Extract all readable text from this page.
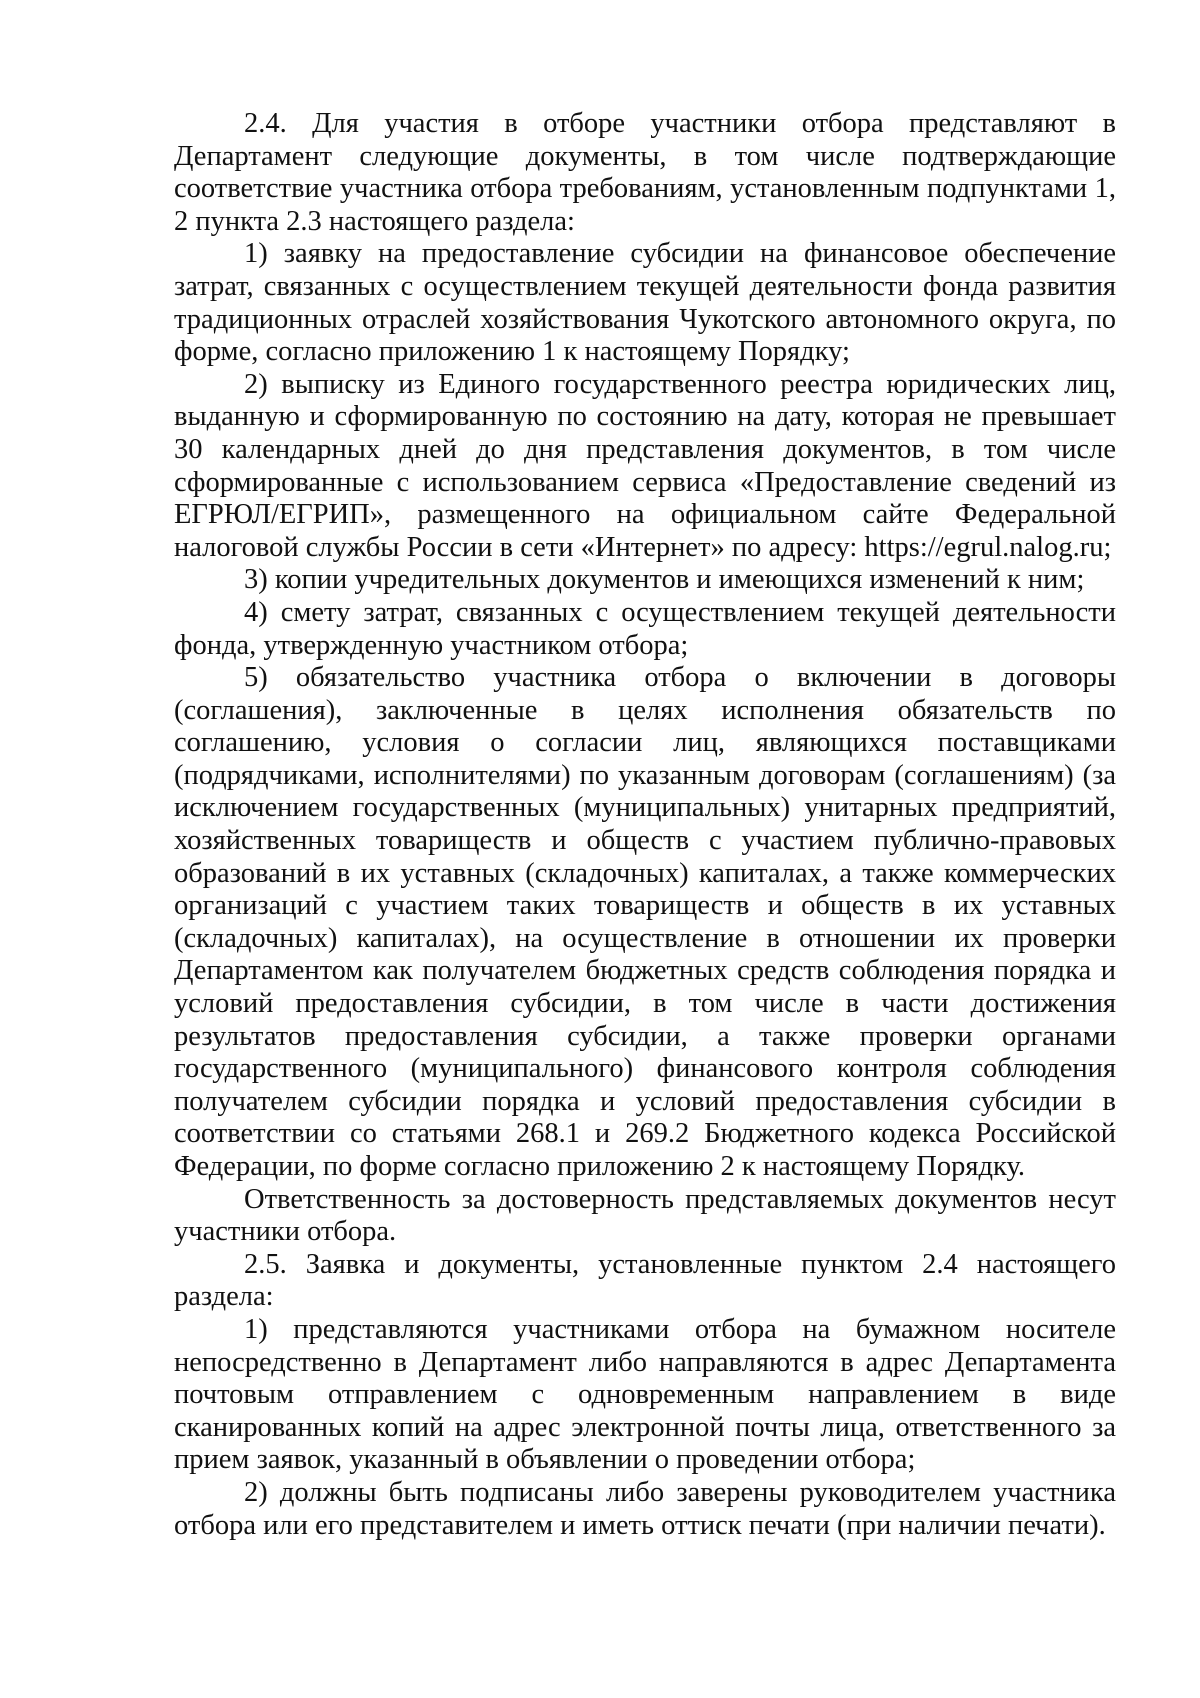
2.4. Для участия в отборе участники отбора представляют в Департамент следующие документы, в том числе подтверждающие соответствие участника отбора требованиям, установленным подпунктами 1, 2 пункта 2.3 настоящего раздела:

1) заявку на предоставление субсидии на финансовое обеспечение затрат, связанных с осуществлением текущей деятельности фонда развития традиционных отраслей хозяйствования Чукотского автономного округа, по форме, согласно приложению 1 к настоящему Порядку;

2) выписку из Единого государственного реестра юридических лиц, выданную и сформированную по состоянию на дату, которая не превышает 30 календарных дней до дня представления документов, в том числе сформированные с использованием сервиса «Предоставление сведений из ЕГРЮЛ/ЕГРИП», размещенного на официальном сайте Федеральной налоговой службы России в сети «Интернет» по адресу: https://egrul.nalog.ru;

3) копии учредительных документов и имеющихся изменений к ним;

4) смету затрат, связанных с осуществлением текущей деятельности фонда, утвержденную участником отбора;

5) обязательство участника отбора о включении в договоры (соглашения), заключенные в целях исполнения обязательств по соглашению, условия о согласии лиц, являющихся поставщиками (подрядчиками, исполнителями) по указанным договорам (соглашениям) (за исключением государственных (муниципальных) унитарных предприятий, хозяйственных товариществ и обществ с участием публично-правовых образований в их уставных (складочных) капиталах, а также коммерческих организаций с участием таких товариществ и обществ в их уставных (складочных) капиталах), на осуществление в отношении их проверки Департаментом как получателем бюджетных средств соблюдения порядка и условий предоставления субсидии, в том числе в части достижения результатов предоставления субсидии, а также проверки органами государственного (муниципального) финансового контроля соблюдения получателем субсидии порядка и условий предоставления субсидии в соответствии со статьями 268.1 и 269.2 Бюджетного кодекса Российской Федерации, по форме согласно приложению 2 к настоящему Порядку.

Ответственность за достоверность представляемых документов несут участники отбора.

2.5. Заявка и документы, установленные пунктом 2.4 настоящего раздела:

1) представляются участниками отбора на бумажном носителе непосредственно в Департамент либо направляются в адрес Департамента почтовым отправлением с одновременным направлением в виде сканированных копий на адрес электронной почты лица, ответственного за прием заявок, указанный в объявлении о проведении отбора;

2) должны быть подписаны либо заверены руководителем участника отбора или его представителем и иметь оттиск печати (при наличии печати).
